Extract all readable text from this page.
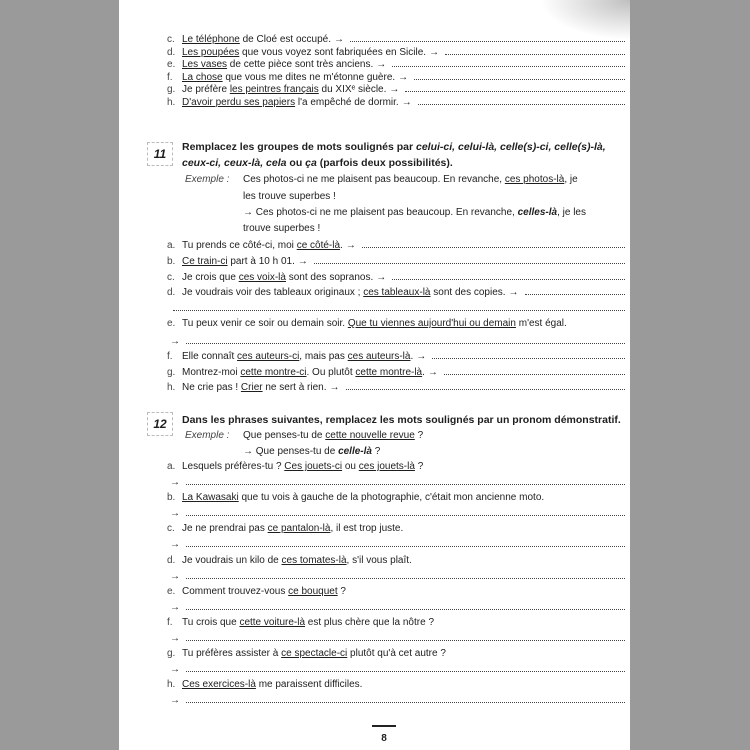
8
c. Le téléphone de Cloé est occupé. →
d. Les poupées que vous voyez sont fabriquées en Sicile. →
e. Les vases de cette pièce sont très anciens. →
f. La chose que vous me dites ne m'étonne guère. →
g. Je préfère les peintres français du XIXᵉ siècle. →
h. D'avoir perdu ses papiers l'a empêché de dormir. →
11	Remplacez les groupes de mots soulignés par celui-ci, celui-là, celle(s)-ci, celle(s)-là,
ceux-ci, ceux-là, cela ou ça (parfois deux possibilités).
Exemple :	Ces photos-ci ne me plaisent pas beaucoup. En revanche, ces photos-là , je
les trouve superbes !
→ Ces photos-ci ne me plaisent pas beaucoup. En revanche, celles-là , je les
trouve superbes !
a. Tu prends ce côté-ci, moi ce côté-là . →
b. Ce train-ci part à 10 h 01. →
c. Je crois que ces voix-là sont des sopranos. →
d. Je voudrais voir des tableaux originaux ; ces tableaux-là sont des copies. →
e. Tu peux venir ce soir ou demain soir. Que tu viennes aujourd'hui ou demain m'est égal.
f. Elle connaît ces auteurs-ci , mais pas ces auteurs-là . →
g. Montrez-moi cette montre-ci . Ou plutôt cette montre-là . →
h. Ne crie pas ! Crier ne sert à rien. →
→
12	Dans les phrases suivantes, remplacez les mots soulignés par un pronom démonstratif.
Exemple :	Que penses-tu de cette nouvelle revue ?
→ Que penses-tu de celle-là ?
a. Lesquels préfères-tu ? Ces jouets-ci ou ces jouets-là ?
→
b. La Kawasaki que tu vois à gauche de la photographie, c'était mon ancienne moto.
→
c. Je ne prendrai pas ce pantalon-là , il est trop juste.
→
d. Je voudrais un kilo de ces tomates-là , s'il vous plaît.
→
e. Comment trouvez-vous ce bouquet ?
→
f. Tu crois que cette voiture-là est plus chère que la nôtre ?
→
g. Tu préfères assister à ce spectacle-ci plutôt qu'à cet autre ?
→
h. Ces exercices-là me paraissent difficiles.
→
